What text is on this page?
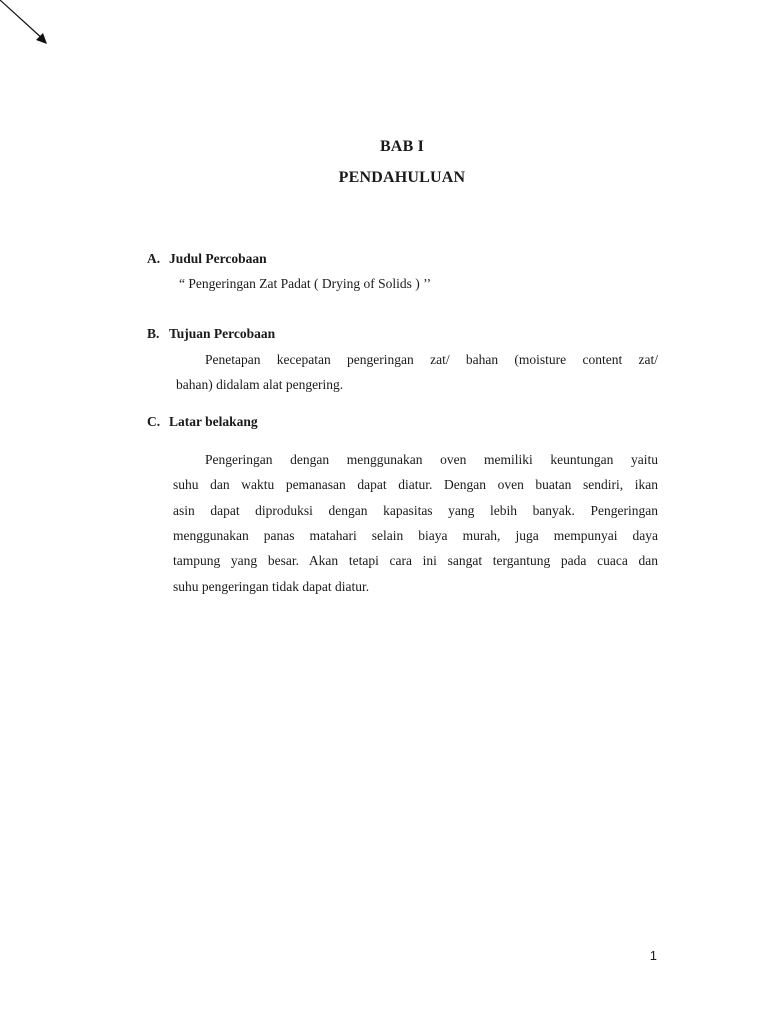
BAB I
PENDAHULUAN
A. Judul Percobaan
“ Pengeringan Zat Padat ( Drying of Solids ) ’’
B. Tujuan Percobaan
Penetapan kecepatan pengeringan zat/ bahan (moisture content zat/
bahan) didalam alat pengering.
C. Latar belakang
Pengeringan dengan menggunakan oven memiliki keuntungan yaitu
suhu dan waktu pemanasan dapat diatur. Dengan oven buatan sendiri, ikan
asin dapat diproduksi dengan kapasitas yang lebih banyak. Pengeringan
menggunakan panas matahari selain biaya murah, juga mempunyai daya
tampung yang besar. Akan tetapi cara ini sangat tergantung pada cuaca dan
suhu pengeringan tidak dapat diatur.
1
